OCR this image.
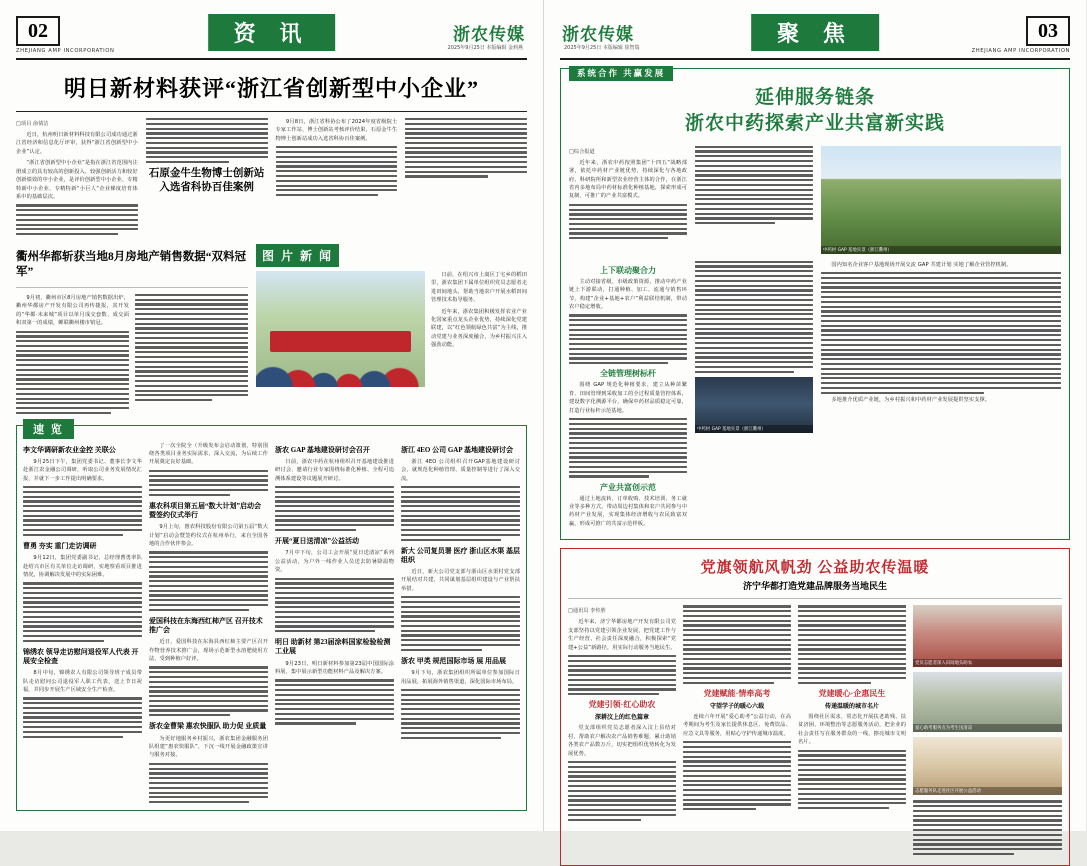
02
ZHEJIANG AMP INCORPORATION
资 讯	浙农传媒
2025年9月25日 本版编辑 金莉燕
明日新材料获评“浙江省创新型中小企业”
□项目 俞倩洁

近日，杭州明日新材料科技有限公司成功通过浙江省经济和信息化厅评审，获得“浙江省创新型中小企业”认定。

“浙江省创新型中小企业”是指在浙江省范围内注册成立的具有较高的创新投入、较强创新活力和较好创新绩效的中小企业，是评价创新型中小企业、专精特新中小企业、专精特新“小巨人”企业梯度培育体系中的基础层次。

石原金牛生物博士创新站入选省科协百佳案例

9月8日，浙江省科协公布了2024年度省级院士专家工作站、博士创新站考核评价结果，石原金牛生物博士创新站成功入选省科协百佳案例。

衢州华都斩获当地8月房地产销售数据“双料冠军”

9月初，衢州市区8月房地产销售数据出炉，衢州华都房产开发有限公司再传捷报，其开发的“华都·未来城”项目以单月成交套数、成交面积双第一的成绩，蝉联衢州楼市销冠。

图 片 新 闻

日前，在绍兴市上虞区丁宅乡的稻田里，浙农集团下属单位组织党员志愿者走进田间地头，帮助当地农户开展水稻田间管理技术指导服务。

近年来，浙农集团积极发挥农业产业化国家重点龙头企业优势，持续深化党建联建，以“红色领航绿色共富”为主线，推动党建与业务深度融合，为乡村振兴注入强劲动能。

速 览
李文华调研新农业金控 关联公

9月25日下午，集团党委书记、董事长李文华赴浙江农金融公司调研，听取公司业务发展情况汇报，并就下一步工作提出明确要求。

曹勇 夯实 重门走访调研

9月12日，集团党委副书记、总经理曹勇率队赴绍兴市区有关单位走访调研，实地察看项目推进情况，协调解决发展中的实际困难。

锦绣农 领导走访慰问退役军人代表 开展安全检查

8月中旬，锦绣农人有限公司领导班子成员带队走访慰问公司退役军人职工代表，送上节日祝福，并同步开展生产区域安全生产检查。

了一次全院全（升级发布会启动策划，特别围绕各类项目业务实际需求，深入交流，为后续工作开展奠定良好基础。

惠农科项目第五届“数大计划”启动会 暨签约仪式举行

9月上旬，惠农科技股份有限公司第五届“数大计划”启动会暨签约仪式在杭州举行，来自全国各地的合作伙伴参会。

爱国科技在东海西红柿产区 召开技术推广会

近日，爱国科技在东海县西红柿主要产区召开作物营养技术推广会，现场示范新型水溶肥使用方法，受到种植户好评。

浙农金曹梁 惠农快服队 助力促 业质量

为更好地服务乡村振兴，浙农集团金融服务团队组建“惠农快服队”，下沉一线开展金融政策宣讲与服务对接。

浙农 GAP 基地建设研讨会召开

日前，浙农中药在杭州组织召开基地建设推进研讨会，邀请行业专家围绕标准化种植、全程可追溯体系建设等议题展开研讨。

开展“夏日送清凉”公益活动

7月中下旬，公司工会开展“夏日送清凉”系列公益活动，为户外一线作业人员送去防暑降温物资。

明日 助新材 第23届涂料国家检验检测 工业展

9月23日，明日新材料参加第23届中国国际涂料展，集中展示新型功能材料产品及解决方案。

浙江 4EO 公司 GAP 基地建设研讨会

浙江 4EO 公司组织召开GAP基地建设研讨会，就规范化种植管理、质量控制等进行了深入交流。

新大 公司复员署 医疗 浙山区水渠 基层组织

近日，新大公司党支部与浙山区水渠村党支部开展结对共建，共同谋划基层组织建设与产业帮扶举措。

浙农 甲类 规范国际市场 展 用品展

9月下旬，浙农集团组织所属单位参加国际日用品展，拓展海外销售渠道，深化国际市场布局。

浙农传媒
2025年9月25日 本版编辑 徐智瑞
聚 焦	03
ZHEJIANG AMP INCORPORATION
系统合作 共赢发展
延伸服务链条
浙农中药探索产业共富新实践
□综合报道

近年来，浙农中药按照集团“十四五”战略部署，依托中药材产业链优势，持续深化与各地政府、科研院所和新型农业经营主体的合作，在浙江省内多地布局中药材标准化种植基地，探索形成可复制、可推广的产业共富模式。

中药材 GAP 基地实景（浙江衢州）
上下联动聚合力

主动对接省级、市级政策资源，推动中药产业链上下游联动，打通种植、加工、流通与销售环节，构建“企业+基地+农户”利益联结机制，带动农户稳定增收。

全链管理树标杆

围绕 GAP 规范化种植要求，建立从种苗繁育、田间管理到采收加工的全过程质量管控体系，建设数字化溯源平台，确保中药材品质稳定可靠，打造行业标杆示范基地。

产业共富创示范

通过土地流转、订单收购、技术培训、务工就业等多种方式，带动周边村集体和农户共同参与中药材产业发展，实现集体经济增收与农民致富双赢，形成可推广的共富示范样板。

中药材 GAP 基地实景（浙江衢州）

国内知名企业客户基地现场开展交流 GAP 共建计划 实地了解企业管控机制。

多地推介优质产业链，为乡村振兴和中药材产业发展提供坚实支撑。

党旗领航风帆劲 公益助农传温暖
济宁华都打造党建品牌服务当地民生
□通讯员 李传胜

近年来，济宁华都房地产开发有限公司党支部坚持以党建引领企业发展，把党建工作与生产经营、社会责任深度融合，积极探索“党建+公益”新路径，用实际行动服务当地民生。

党建引领·红心助农
深耕汶上的红色篇章

党支部组织党员志愿者深入汶上县结对村，帮助农户解决农产品销售难题，累计助销各类农产品数万斤，切实把组织优势转化为发展优势。

党建赋能·情牵高考
守望学子的暖心六载

连续六年开展“爱心助考”公益行动，在高考期间为考生及家长提供休息区、免费饮品、应急文具等服务，用贴心守护传递城市温度。

党建暖心·企惠民生
传递温暖的城市名片

围绕社区需求，常态化开展扶老助残、扶贫济困、环境整治等志愿服务活动，把企业的社会责任写在服务群众的一线，擦亮城市文明名片。

党员志愿者深入田间地头助农
爱心助考服务点为考生送清凉
志愿服务队走进社区开展公益活动
